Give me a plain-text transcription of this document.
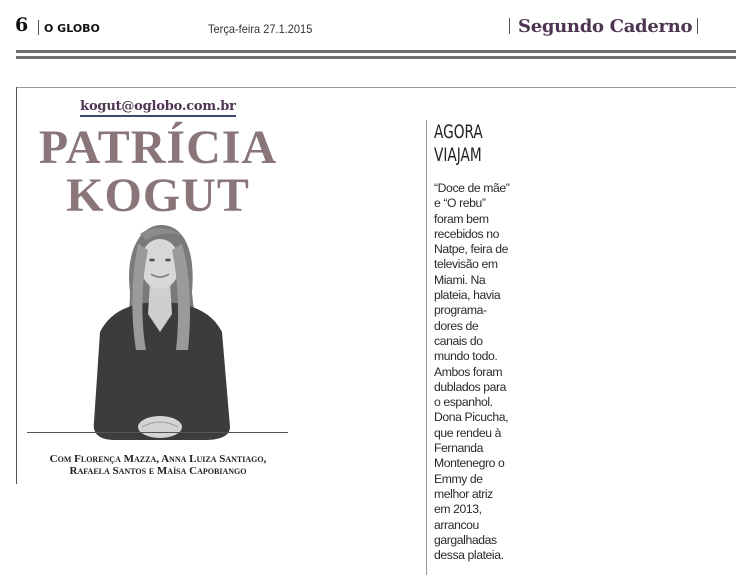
6 O GLOBO	Terça-feira 27.1.2015	Segundo Caderno
kogut@oglobo.com.br
PATRÍCIA
KOGUT
Com Florença Mazza, Anna Luiza Santiago,
Rafaela Santos e Maísa Capobiango
AGORA
VIAJAM
“Doce de mãe”
e “O rebu”
foram bem
recebidos no
Natpe, feira de
televisão em
Miami. Na
plateia, havia
programa-
dores de
canais do
mundo todo.
Ambos foram
dublados para
o espanhol.
Dona Picucha,
que rendeu à
Fernanda
Montenegro o
Emmy de
melhor atriz
em 2013,
arrancou
gargalhadas
dessa plateia.
